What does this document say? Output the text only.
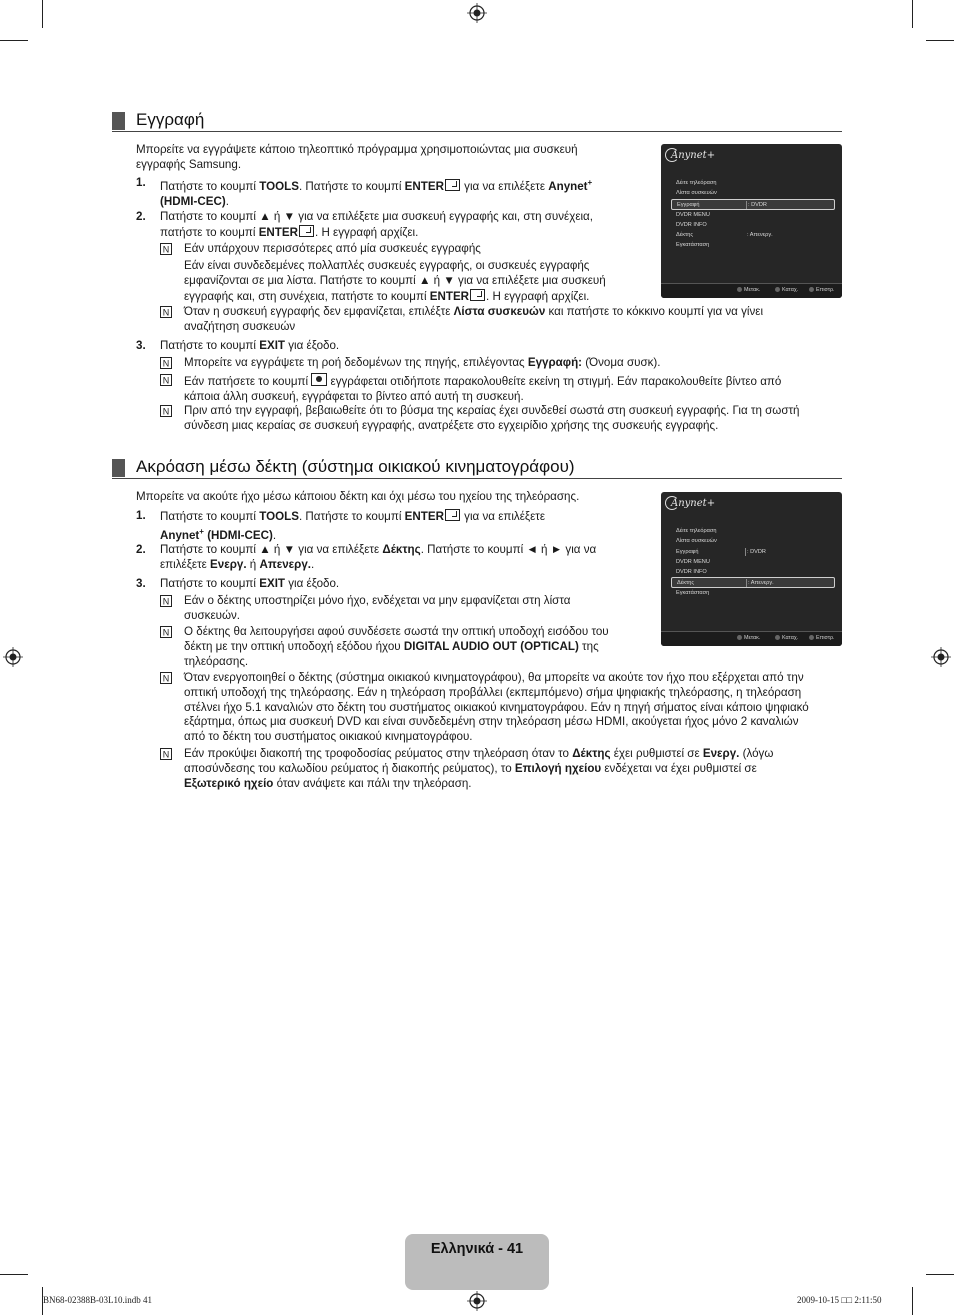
Εγγραφή
Μπορείτε να εγγράψετε κάποιο τηλεοπτικό πρόγραμμα χρησιμοποιώντας μια συσκευή
εγγραφής Samsung.
1. Πατήστε το κουμπί TOOLS. Πατήστε το κουμπί ENTER για να επιλέξετε Anynet+
(HDMI-CEC).
2. Πατήστε το κουμπί ▲ ή ▼ για να επιλέξετε μια συσκευή εγγραφής και, στη συνέχεια,
πατήστε το κουμπί ENTER . Η εγγραφή αρχίζει.
N Εάν υπάρχουν περισσότερες από μία συσκευές εγγραφής
Εάν είναι συνδεδεμένες πολλαπλές συσκευές εγγραφής, οι συσκευές εγγραφής
εμφανίζονται σε μια λίστα. Πατήστε το κουμπί ▲ ή ▼ για να επιλέξετε μια συσκευή
εγγραφής και, στη συνέχεια, πατήστε το κουμπί ENTER . Η εγγραφή αρχίζει.
N Όταν η συσκευή εγγραφής δεν εμφανίζεται, επιλέξτε Λίστα συσκευών και πατήστε το κόκκινο κουμπί για να γίνει
αναζήτηση συσκευών
3. Πατήστε το κουμπί EXIT για έξοδο.
N Μπορείτε να εγγράψετε τη ροή δεδομένων της πηγής, επιλέγοντας Εγγραφή: (Όνομα συσκ).
N Εάν πατήσετε το κουμπί  εγγράφεται οτιδήποτε παρακολουθείτε εκείνη τη στιγμή. Εάν παρακολουθείτε βίντεο από
κάποια άλλη συσκευή, εγγράφεται το βίντεο από αυτή τη συσκευή.
N Πριν από την εγγραφή, βεβαιωθείτε ότι το βύσμα της κεραίας έχει συνδεθεί σωστά στη συσκευή εγγραφής. Για τη σωστή
σύνδεση μιας κεραίας σε συσκευή εγγραφής, ανατρέξετε στο εγχειρίδιο χρήσης της συσκευής εγγραφής.
Anynet+
Δέιτε τηλεόραση
Λίστα συσκευών
Εγγραφή	: DVDR
DVDR MENU
DVDR INFO
Δέκτης	: Απενεργ.
Εγκατάσταση
Μετακ.	Καταχ.	Επιστρ.
Ακρόαση μέσω δέκτη (σύστημα οικιακού κινηματογράφου)
Μπορείτε να ακούτε ήχο μέσω κάποιου δέκτη και όχι μέσω του ηχείου της τηλεόρασης.
1. Πατήστε το κουμπί TOOLS. Πατήστε το κουμπί ENTER για να επιλέξετε
Anynet+ (HDMI-CEC).
2. Πατήστε το κουμπί ▲ ή ▼ για να επιλέξετε Δέκτης. Πατήστε το κουμπί ◄ ή ► για να
επιλέξετε Ενεργ. ή Απενεργ..
3. Πατήστε το κουμπί EXIT για έξοδο.
N Εάν ο δέκτης υποστηρίζει μόνο ήχο, ενδέχεται να μην εμφανίζεται στη λίστα
συσκευών.
N Ο δέκτης θα λειτουργήσει αφού συνδέσετε σωστά την οπτική υποδοχή εισόδου του
δέκτη με την οπτική υποδοχή εξόδου ήχου DIGITAL AUDIO OUT (OPTICAL) της
τηλεόρασης.
N Όταν ενεργοποιηθεί ο δέκτης (σύστημα οικιακού κινηματογράφου), θα μπορείτε να ακούτε τον ήχο που εξέρχεται από την
οπτική υποδοχή της τηλεόρασης. Εάν η τηλεόραση προβάλλει (εκπεμπόμενο) σήμα ψηφιακής τηλεόρασης, η τηλεόραση
στέλνει ήχο 5.1 καναλιών στο δέκτη του συστήματος οικιακού κινηματογράφου. Εάν η πηγή σήματος είναι κάποιο ψηφιακό
εξάρτημα, όπως μια συσκευή DVD και είναι συνδεδεμένη στην τηλεόραση μέσω HDMI, ακούγεται ήχος μόνο 2 καναλιών
από το δέκτη του συστήματος οικιακού κινηματογράφου.
N Εάν προκύψει διακοπή της τροφοδοσίας ρεύματος στην τηλεόραση όταν το Δέκτης έχει ρυθμιστεί σε Ενεργ. (λόγω
αποσύνδεσης του καλωδίου ρεύματος ή διακοπής ρεύματος), το Επιλογή ηχείου ενδέχεται να έχει ρυθμιστεί σε
Εξωτερικό ηχείο όταν ανάψετε και πάλι την τηλεόραση.
Anynet+
Δέιτε τηλεόραση
Λίστα συσκευών
Εγγραφή	: DVDR
DVDR MENU
DVDR INFO
Δέκτης	: Απενεργ.
Εγκατάσταση
Μετακ.	Καταχ.	Επιστρ.
Ελληνικά - 41
BN68-02388B-03L10.indb 41	2009-10-15 □□ 2:11:50
